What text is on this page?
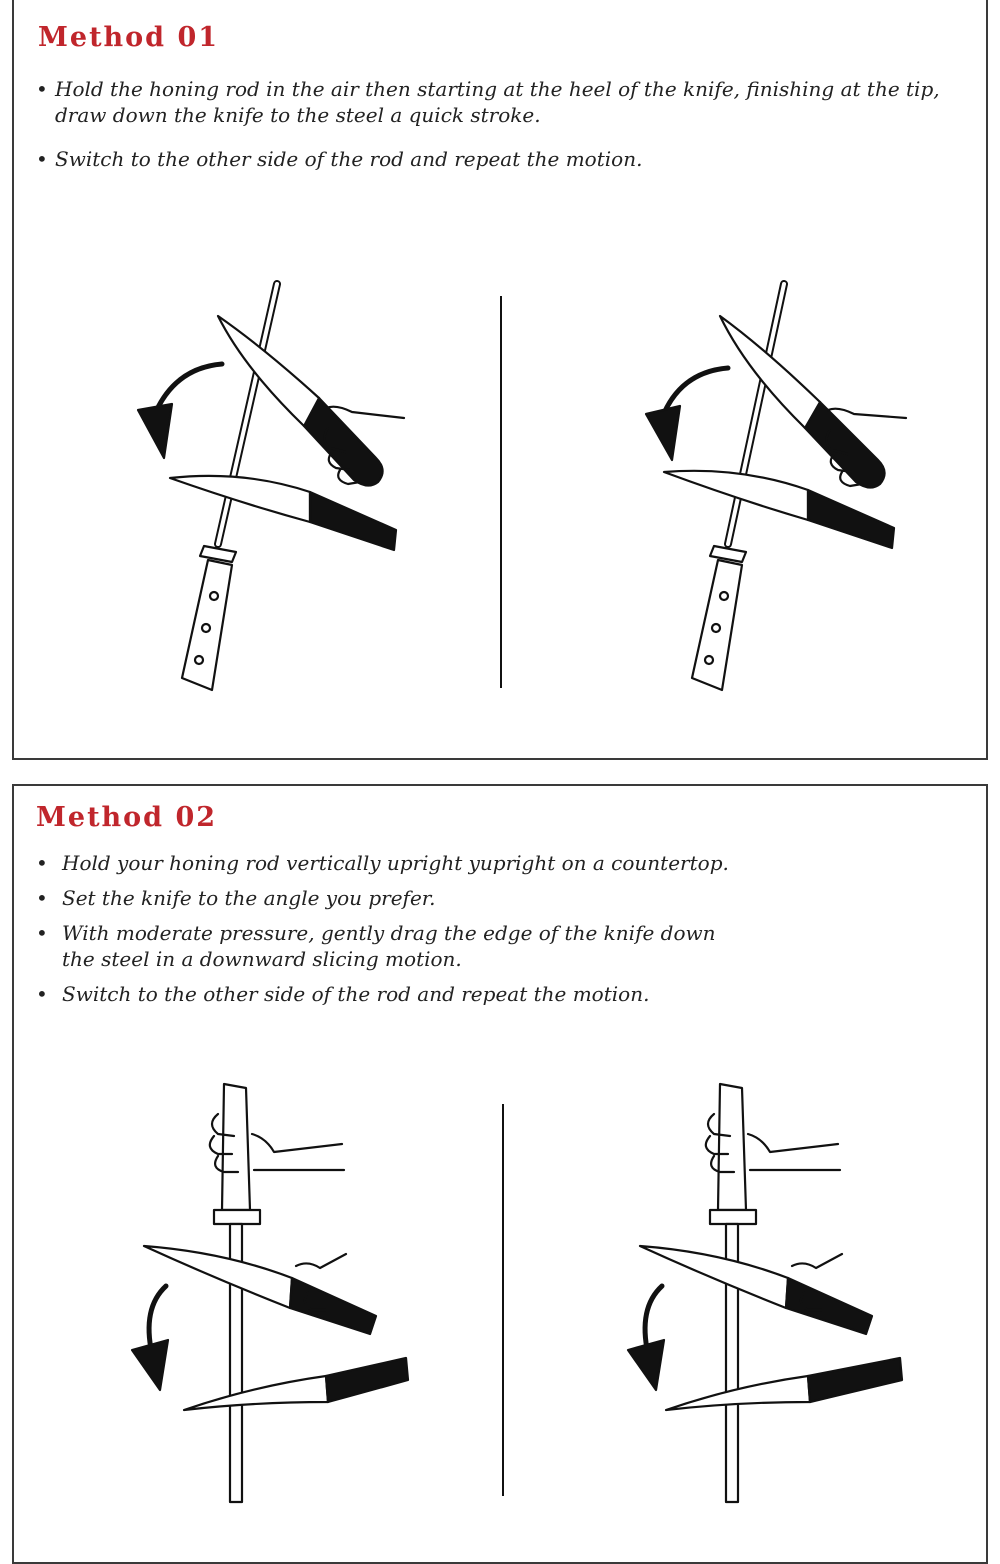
Method 01
• Hold the honing rod in the air then starting at the heel of the knife, finishing at the tip, draw down the knife to the steel a quick stroke.
• Switch to the other side of the rod and repeat the motion.
Method 02
• Hold your honing rod vertically upright yupright on a countertop.
• Set the knife to the angle you prefer.
• With moderate pressure, gently drag the edge of the knife down the steel in a downward slicing motion.
• Switch to the other side of the rod and repeat the motion.
